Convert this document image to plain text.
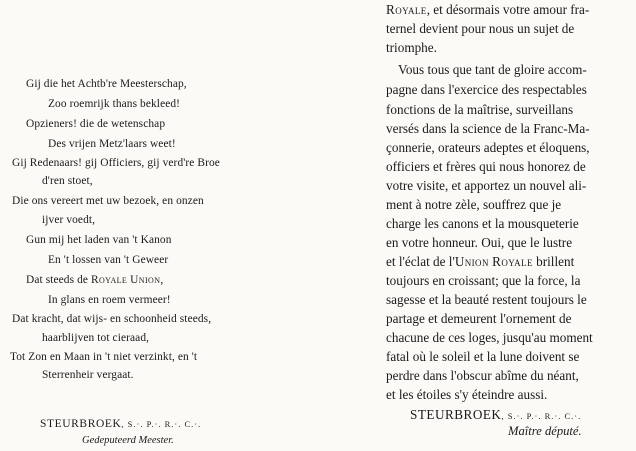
Gij die het Achtb're Meesterschap,
Zoo roemrijk thans bekleed!
Opzieners! die de wetenschap
Des vrijen Metz'laars weet!
Gij Redenaars! gij Officiers, gij verd're Broe
d'ren stoet,
Die ons vereert met uw bezoek, en onzen
ijver voedt,
Gun mij het laden van 't Kanon
En 't lossen van 't Geweer
Dat steeds de Royale Union,
In glans en roem vermeer!
Dat kracht, dat wijs- en schoonheid steeds,
haarblijven tot cieraad,
Tot Zon en Maan in 't niet verzinkt, en 't
Sterrenheir vergaat.
STEURBROEK, S.·. P.·. R.·. C.·.
Gedeputeerd Meester.
Royale, et désormais votre amour fra-
ternel devient pour nous un sujet de
triomphe.
Vous tous que tant de gloire accom-
pagne dans l'exercice des respectables
fonctions de la maîtrise, surveillans
versés dans la science de la Franc-Ma-
çonnerie, orateurs adeptes et éloquens,
officiers et frères qui nous honorez de
votre visite, et apportez un nouvel ali-
ment à notre zèle, souffrez que je
charge les canons et la mousqueterie
en votre honneur. Oui, que le lustre
et l'éclat de l'Union Royale brillent
toujours en croissant; que la force, la
sagesse et la beauté restent toujours le
partage et demeurent l'ornement de
chacune de ces loges, jusqu'au moment
fatal où le soleil et la lune doivent se
perdre dans l'obscur abîme du néant,
et les étoiles s'y éteindre aussi.
STEURBROEK, S.·. P.·. R.·. C.·.
Maître député.
